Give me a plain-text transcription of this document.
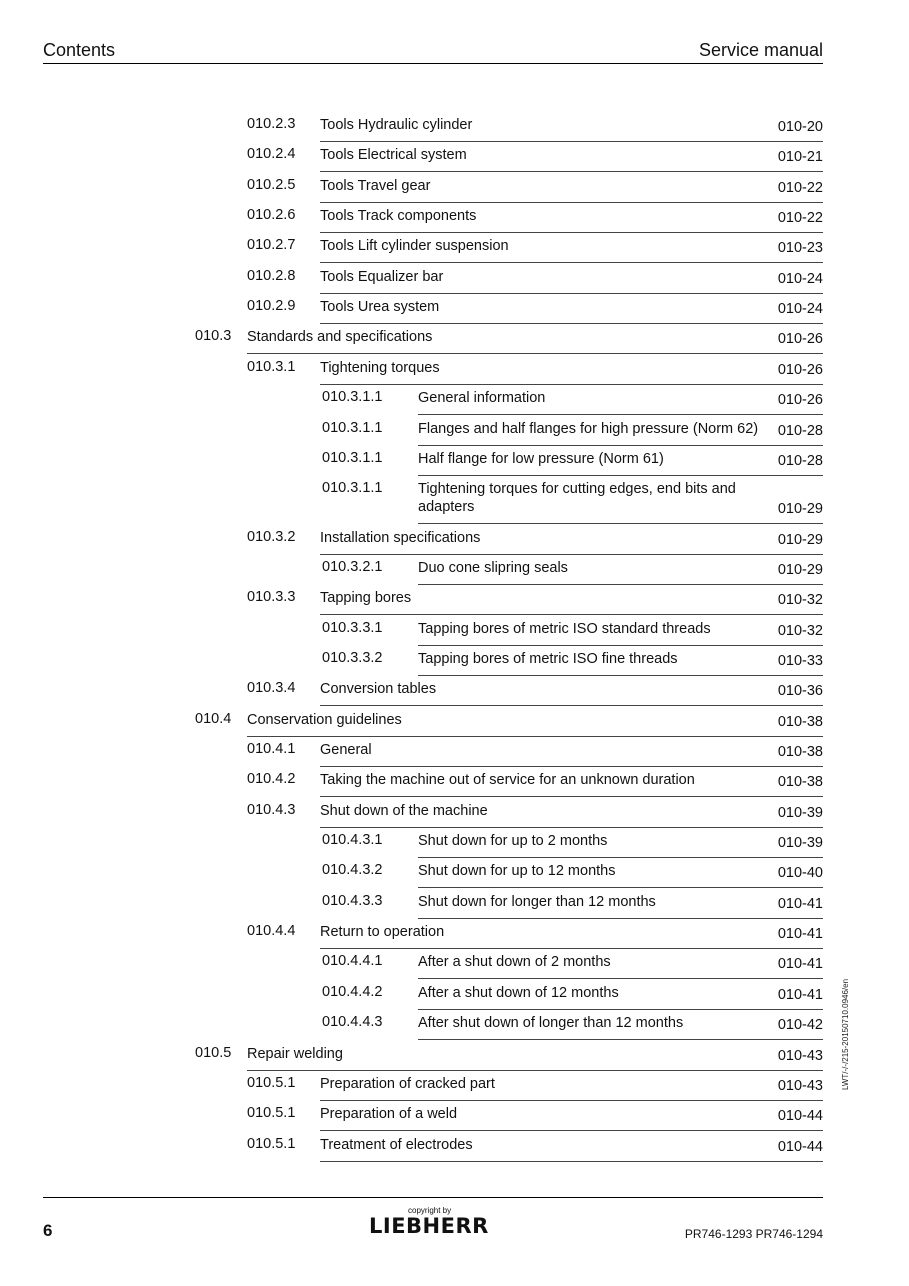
Contents	Service manual
010.2.3 Tools Hydraulic cylinder	010-20
010.2.4 Tools Electrical system	010-21
010.2.5 Tools Travel gear	010-22
010.2.6 Tools Track components	010-22
010.2.7 Tools Lift cylinder suspension	010-23
010.2.8 Tools Equalizer bar	010-24
010.2.9 Tools Urea system	010-24
010.3 Standards and specifications	010-26
010.3.1 Tightening torques	010-26
010.3.1.1 General information	010-26
010.3.1.1 Flanges and half flanges for high pressure (Norm 62) 010-28
010.3.1.1 Half flange for low pressure (Norm 61)	010-28
010.3.1.1 Tightening torques for cutting edges, end bits and
adapters	010-29
010.3.2 Installation specifications	010-29
010.3.2.1 Duo cone slipring seals	010-29
010.3.3 Tapping bores	010-32
010.3.3.1 Tapping bores of metric ISO standard threads	010-32
010.3.3.2 Tapping bores of metric ISO fine threads	010-33
010.3.4 Conversion tables	010-36
010.4 Conservation guidelines	010-38
010.4.1 General	010-38
010.4.2 Taking the machine out of service for an unknown duration	010-38
010.4.3 Shut down of the machine	010-39
010.4.3.1 Shut down for up to 2 months	010-39
010.4.3.2 Shut down for up to 12 months	010-40
010.4.3.3 Shut down for longer than 12 months	010-41
010.4.4 Return to operation	010-41
010.4.4.1 After a shut down of 2 months	010-41
010.4.4.2 After a shut down of 12 months	010-41
010.4.4.3 After shut down of longer than 12 months	010-42
010.5 Repair welding	010-43
010.5.1 Preparation of cracked part	010-43
010.5.1 Preparation of a weld	010-44
010.5.1 Treatment of electrodes	010-44
LWT/-/-/215-20150710.0946/en
6
copyright by
LIEBHERR	PR746-1293 PR746-1294
